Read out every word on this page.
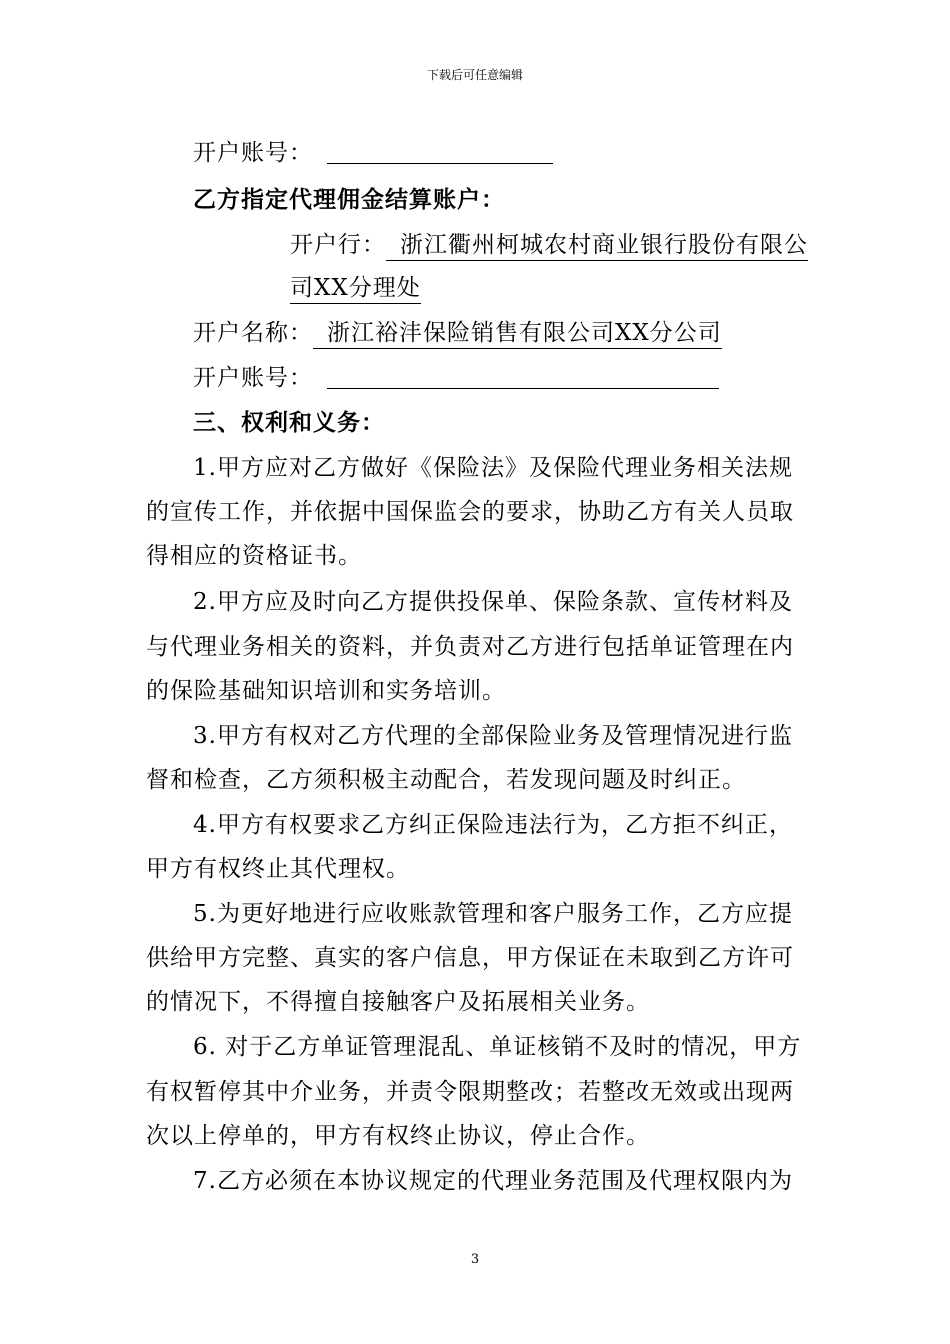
下载后可任意编辑
开户账号：
乙方指定代理佣金结算账户：
开户行： 浙江衢州柯城农村商业银行股份有限公
司XX分理处
开户名称： 浙江裕沣保险销售有限公司XX分公司
开户账号：
三、权利和义务：
1.甲方应对乙方做好《保险法》及保险代理业务相关法规
的宣传工作，并依据中国保监会的要求，协助乙方有关人员取
得相应的资格证书。
2.甲方应及时向乙方提供投保单、保险条款、宣传材料及
与代理业务相关的资料，并负责对乙方进行包括单证管理在内
的保险基础知识培训和实务培训。
3.甲方有权对乙方代理的全部保险业务及管理情况进行监
督和检查，乙方须积极主动配合，若发现问题及时纠正。
4.甲方有权要求乙方纠正保险违法行为，乙方拒不纠正，
甲方有权终止其代理权。
5.为更好地进行应收账款管理和客户服务工作，乙方应提
供给甲方完整、真实的客户信息，甲方保证在未取到乙方许可
的情况下，不得擅自接触客户及拓展相关业务。
6. 对于乙方单证管理混乱、单证核销不及时的情况，甲方
有权暂停其中介业务，并责令限期整改；若整改无效或出现两
次以上停单的，甲方有权终止协议，停止合作。
7.乙方必须在本协议规定的代理业务范围及代理权限内为
3
